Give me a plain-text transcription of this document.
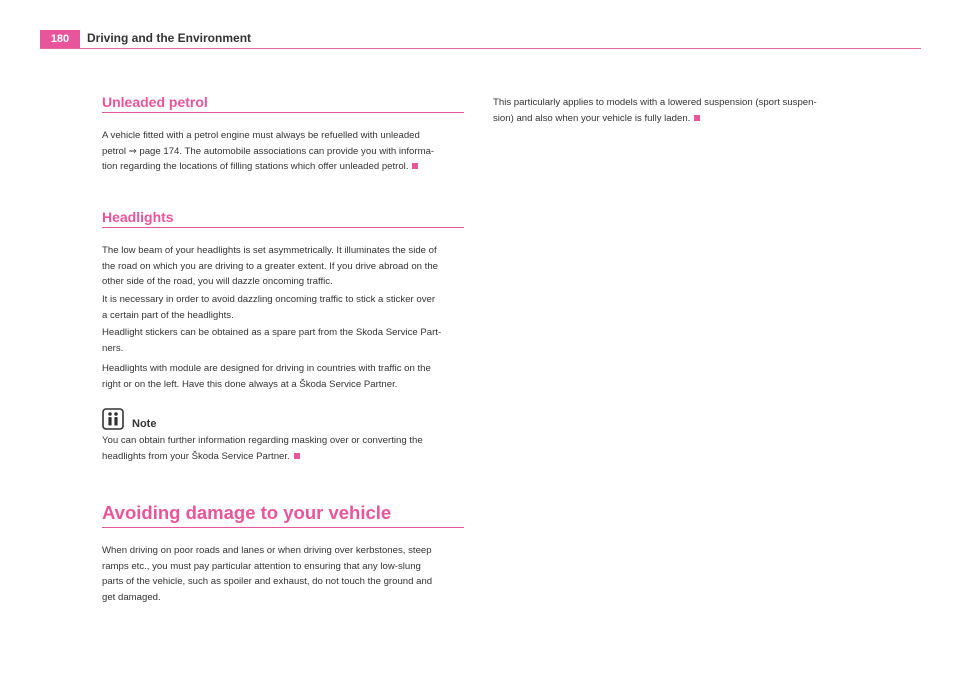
180	Driving and the Environment
Unleaded petrol

A vehicle fitted with a petrol engine must always be refuelled with unleaded
petrol ⇒ page 174. The automobile associations can provide you with informa-
tion regarding the locations of filling stations which offer unleaded petrol.

Headlights

The low beam of your headlights is set asymmetrically. It illuminates the side of
the road on which you are driving to a greater extent. If you drive abroad on the
other side of the road, you will dazzle oncoming traffic.

It is necessary in order to avoid dazzling oncoming traffic to stick a sticker over
a certain part of the headlights.

Headlight stickers can be obtained as a spare part from the Skoda Service Part-
ners.

Headlights with module are designed for driving in countries with traffic on the
right or on the left. Have this done always at a Škoda Service Partner.

Note

You can obtain further information regarding masking over or converting the
headlights from your Škoda Service Partner.

Avoiding damage to your vehicle

When driving on poor roads and lanes or when driving over kerbstones, steep
ramps etc., you must pay particular attention to ensuring that any low-slung
parts of the vehicle, such as spoiler and exhaust, do not touch the ground and
get damaged.

This particularly applies to models with a lowered suspension (sport suspen-
sion) and also when your vehicle is fully laden.
